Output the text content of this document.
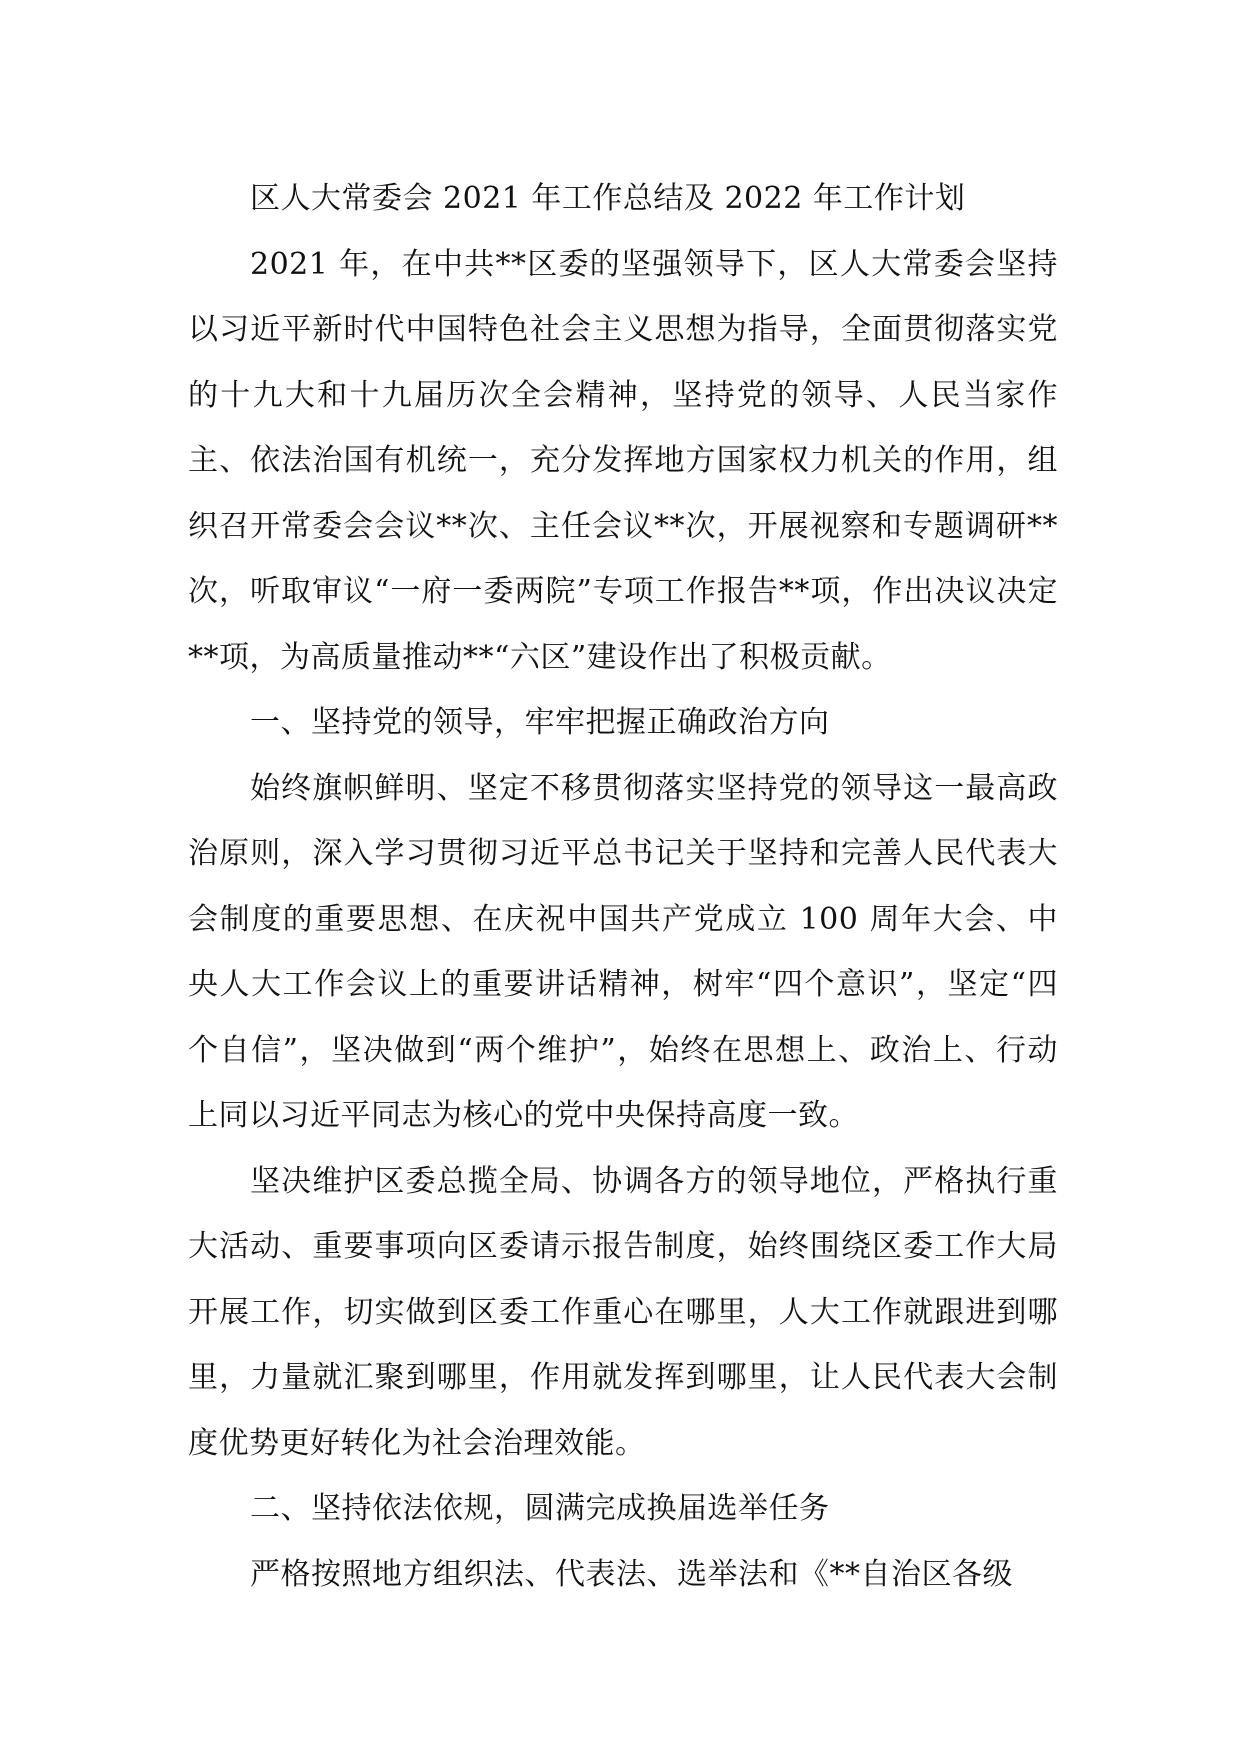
区人大常委会 2021 年工作总结及 2022 年工作计划

2021 年，在中共**区委的坚强领导下，区人大常委会坚持以习近平新时代中国特色社会主义思想为指导，全面贯彻落实党的十九大和十九届历次全会精神，坚持党的领导、人民当家作主、依法治国有机统一，充分发挥地方国家权力机关的作用，组织召开常委会会议**次、主任会议**次，开展视察和专题调研**次，听取审议“一府一委两院”专项工作报告**项，作出决议决定**项，为高质量推动**“六区”建设作出了积极贡献。

一、坚持党的领导，牢牢把握正确政治方向

始终旗帜鲜明、坚定不移贯彻落实坚持党的领导这一最高政治原则，深入学习贯彻习近平总书记关于坚持和完善人民代表大会制度的重要思想、在庆祝中国共产党成立 100 周年大会、中央人大工作会议上的重要讲话精神，树牢“四个意识”，坚定“四个自信”，坚决做到“两个维护”，始终在思想上、政治上、行动上同以习近平同志为核心的党中央保持高度一致。

坚决维护区委总揽全局、协调各方的领导地位，严格执行重大活动、重要事项向区委请示报告制度，始终围绕区委工作大局开展工作，切实做到区委工作重心在哪里，人大工作就跟进到哪里，力量就汇聚到哪里，作用就发挥到哪里，让人民代表大会制度优势更好转化为社会治理效能。

二、坚持依法依规，圆满完成换届选举任务

严格按照地方组织法、代表法、选举法和《**自治区各级
